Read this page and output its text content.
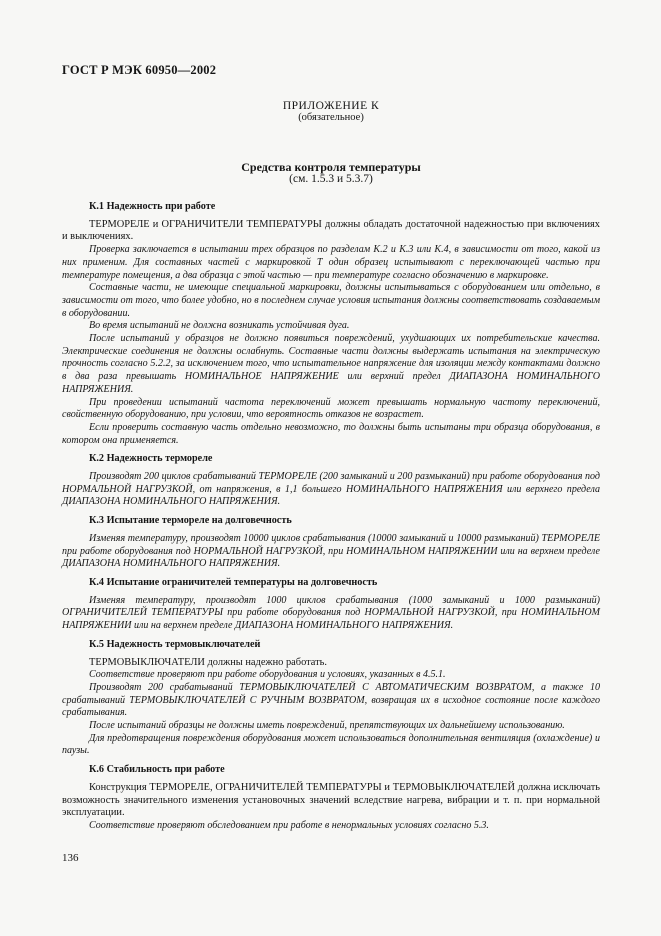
ГОСТ Р МЭК 60950—2002
ПРИЛОЖЕНИЕ К
(обязательное)
Средства контроля температуры
(см. 1.5.3 и 5.3.7)
К.1 Надежность при работе

ТЕРМОРЕЛЕ и ОГРАНИЧИТЕЛИ ТЕМПЕРАТУРЫ должны обладать достаточной надежностью при включениях и выключениях.

Проверка заключается в испытании трех образцов по разделам К.2 и К.3 или К.4, в зависимости от того, какой из них применим. Для составных частей с маркировкой Т один образец испытывают с переключающей частью при температуре помещения, а два образца с этой частью — при температуре согласно обозначению в маркировке.

Составные части, не имеющие специальной маркировки, должны испытываться с оборудованием или отдельно, в зависимости от того, что более удобно, но в последнем случае условия испытания должны соответствовать создаваемым в оборудовании.

Во время испытаний не должна возникать устойчивая дуга.

После испытаний у образцов не должно появиться повреждений, ухудшающих их потребительские качества. Электрические соединения не должны ослабнуть. Составные части должны выдержать испытания на электрическую прочность согласно 5.2.2, за исключением того, что испытательное напряжение для изоляции между контактами должно в два раза превышать НОМИНАЛЬНОЕ НАПРЯЖЕНИЕ или верхний предел ДИАПАЗОНА НОМИНАЛЬНОГО НАПРЯЖЕНИЯ.

При проведении испытаний частота переключений может превышать нормальную частоту переключений, свойственную оборудованию, при условии, что вероятность отказов не возрастет.

Если проверить составную часть отдельно невозможно, то должны быть испытаны три образца оборудования, в котором она применяется.

К.2 Надежность терморелe

Производят 200 циклов срабатываний ТЕРМОРЕЛЕ (200 замыканий и 200 размыканий) при работе оборудования под НОРМАЛЬНОЙ НАГРУЗКОЙ, от напряжения, в 1,1 большего НОМИНАЛЬНОГО НАПРЯЖЕНИЯ или верхнего предела ДИАПАЗОНА НОМИНАЛЬНОГО НАПРЯЖЕНИЯ.

К.3 Испытание терморелe на долговечность

Изменяя температуру, производят 10000 циклов срабатывания (10000 замыканий и 10000 размыканий) ТЕРМОРЕЛЕ при работе оборудования под НОРМАЛЬНОЙ НАГРУЗКОЙ, при НОМИНАЛЬНОМ НАПРЯЖЕНИИ или на верхнем пределе ДИАПАЗОНА НОМИНАЛЬНОГО НАПРЯЖЕНИЯ.

К.4 Испытание ограничителей температуры на долговечность

Изменяя температуру, производят 1000 циклов срабатывания (1000 замыканий и 1000 размыканий) ОГРАНИЧИТЕЛЕЙ ТЕМПЕРАТУРЫ при работе оборудования под НОРМАЛЬНОЙ НАГРУЗКОЙ, при НОМИНАЛЬНОМ НАПРЯЖЕНИИ или на верхнем пределе ДИАПАЗОНА НОМИНАЛЬНОГО НАПРЯЖЕНИЯ.

К.5 Надежность термовыключателей

ТЕРМОВЫКЛЮЧАТЕЛИ должны надежно работать.

Соответствие проверяют при работе оборудования и условиях, указанных в 4.5.1.

Производят 200 срабатываний ТЕРМОВЫКЛЮЧАТЕЛЕЙ С АВТОМАТИЧЕСКИМ ВОЗВРАТОМ, а также 10 срабатываний ТЕРМОВЫКЛЮЧАТЕЛЕЙ С РУЧНЫМ ВОЗВРАТОМ, возвращая их в исходное состояние после каждого срабатывания.

После испытаний образцы не должны иметь повреждений, препятствующих их дальнейшему использованию.

Для предотвращения повреждения оборудования может использоваться дополнительная вентиляция (охлаждение) и паузы.

К.6 Стабильность при работе

Конструкция ТЕРМОРЕЛЕ, ОГРАНИЧИТЕЛЕЙ ТЕМПЕРАТУРЫ и ТЕРМОВЫКЛЮЧАТЕЛЕЙ должна исключать возможность значительного изменения установочных значений вследствие нагрева, вибрации и т. п. при нормальной эксплуатации.

Соответствие проверяют обследованием при работе в ненормальных условиях согласно 5.3.

136
